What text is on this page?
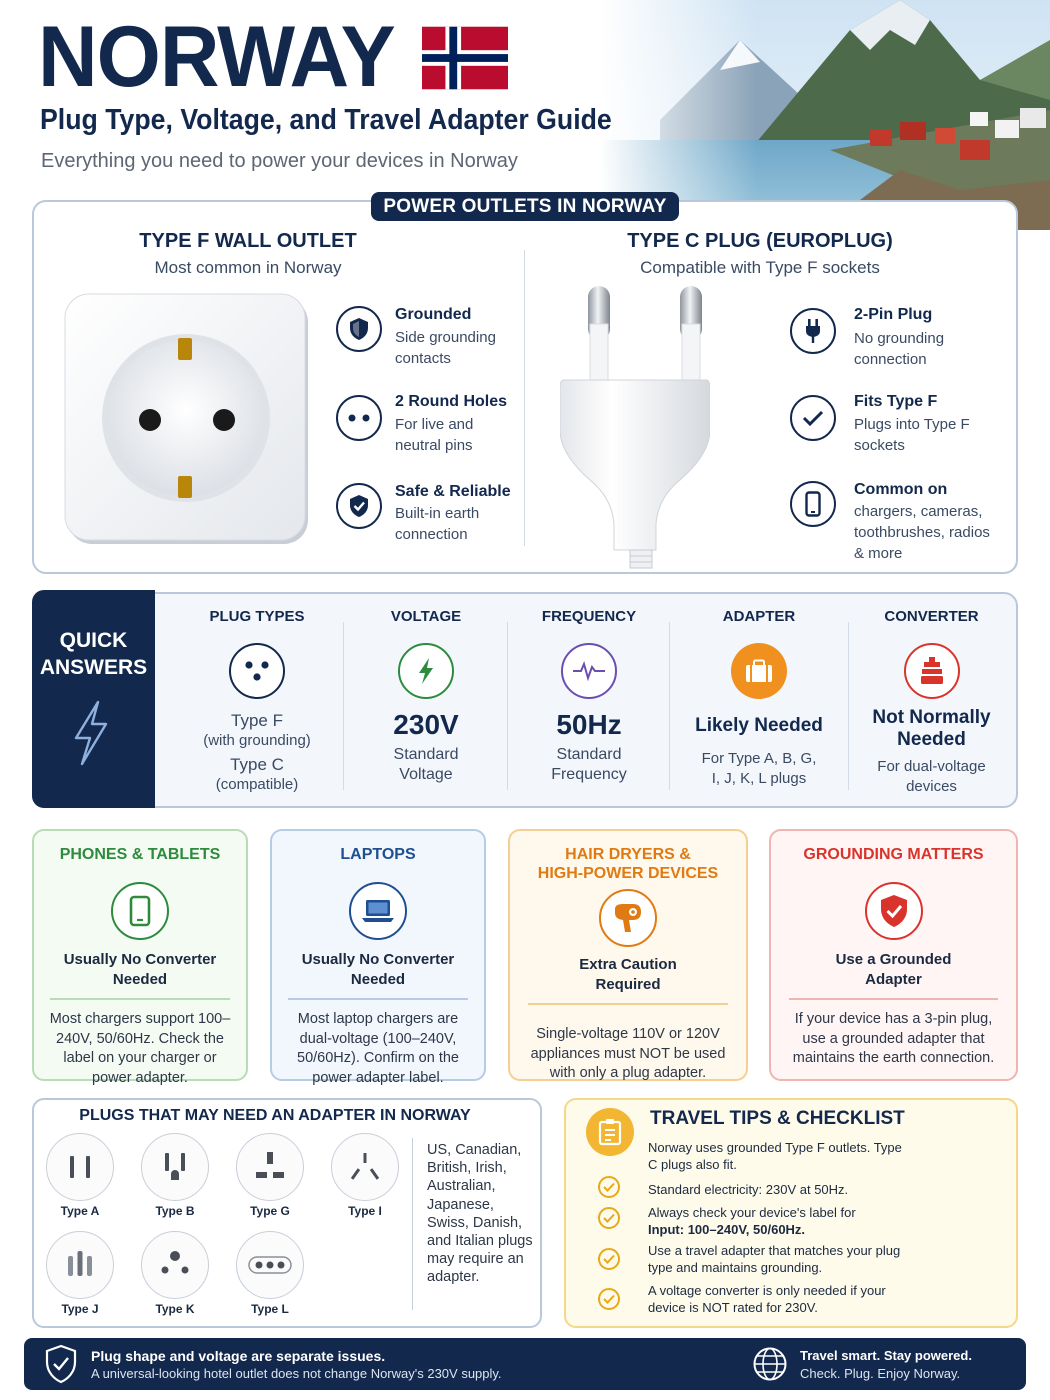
NORWAY
Plug Type, Voltage, and Travel Adapter Guide
Everything you need to power your devices in Norway
POWER OUTLETS IN NORWAY
TYPE F WALL OUTLET
Most common in Norway
TYPE C PLUG (EUROPLUG)
Compatible with Type F sockets
Grounded
Side grounding contacts
2 Round Holes
For live and neutral pins
Safe & Reliable
Built-in earth connection
2-Pin Plug
No grounding connection
Fits Type F
Plugs into Type F sockets
Common on
chargers, cameras, toothbrushes, radios & more
QUICK
ANSWERS
PLUG TYPES
Type F
(with grounding)
Type C
(compatible)
VOLTAGE
230V
Standard
Voltage
FREQUENCY
50Hz
Standard
Frequency
ADAPTER
Likely Needed
For Type A, B, G,
I, J, K, L plugs
CONVERTER
Not Normally
Needed
For dual-voltage
devices
PHONES & TABLETS
Usually No Converter
Needed
Most chargers support 100–240V, 50/60Hz. Check the label on your charger or power adapter.
LAPTOPS
Usually No Converter
Needed
Most laptop chargers are dual-voltage (100–240V, 50/60Hz). Confirm on the power adapter label.
HAIR DRYERS &
HIGH-POWER DEVICES
Extra Caution
Required
Single-voltage 110V or 120V appliances must NOT be used with only a plug adapter.
GROUNDING MATTERS
Use a Grounded
Adapter
If your device has a 3-pin plug, use a grounded adapter that maintains the earth connection.
PLUGS THAT MAY NEED AN ADAPTER IN NORWAY
Type A	Type B	Type G	Type I
Type J	Type K	Type L
US, Canadian, British, Irish, Australian, Japanese, Swiss, Danish, and Italian plugs may require an adapter.
TRAVEL TIPS & CHECKLIST
Norway uses grounded Type F outlets. Type C plugs also fit.
Standard electricity: 230V at 50Hz.
Always check your device's label for
Input: 100–240V, 50/60Hz.
Use a travel adapter that matches your plug type and maintains grounding.
A voltage converter is only needed if your device is NOT rated for 230V.
Plug shape and voltage are separate issues.
A universal-looking hotel outlet does not change Norway's 230V supply.
Travel smart. Stay powered.
Check. Plug. Enjoy Norway.
